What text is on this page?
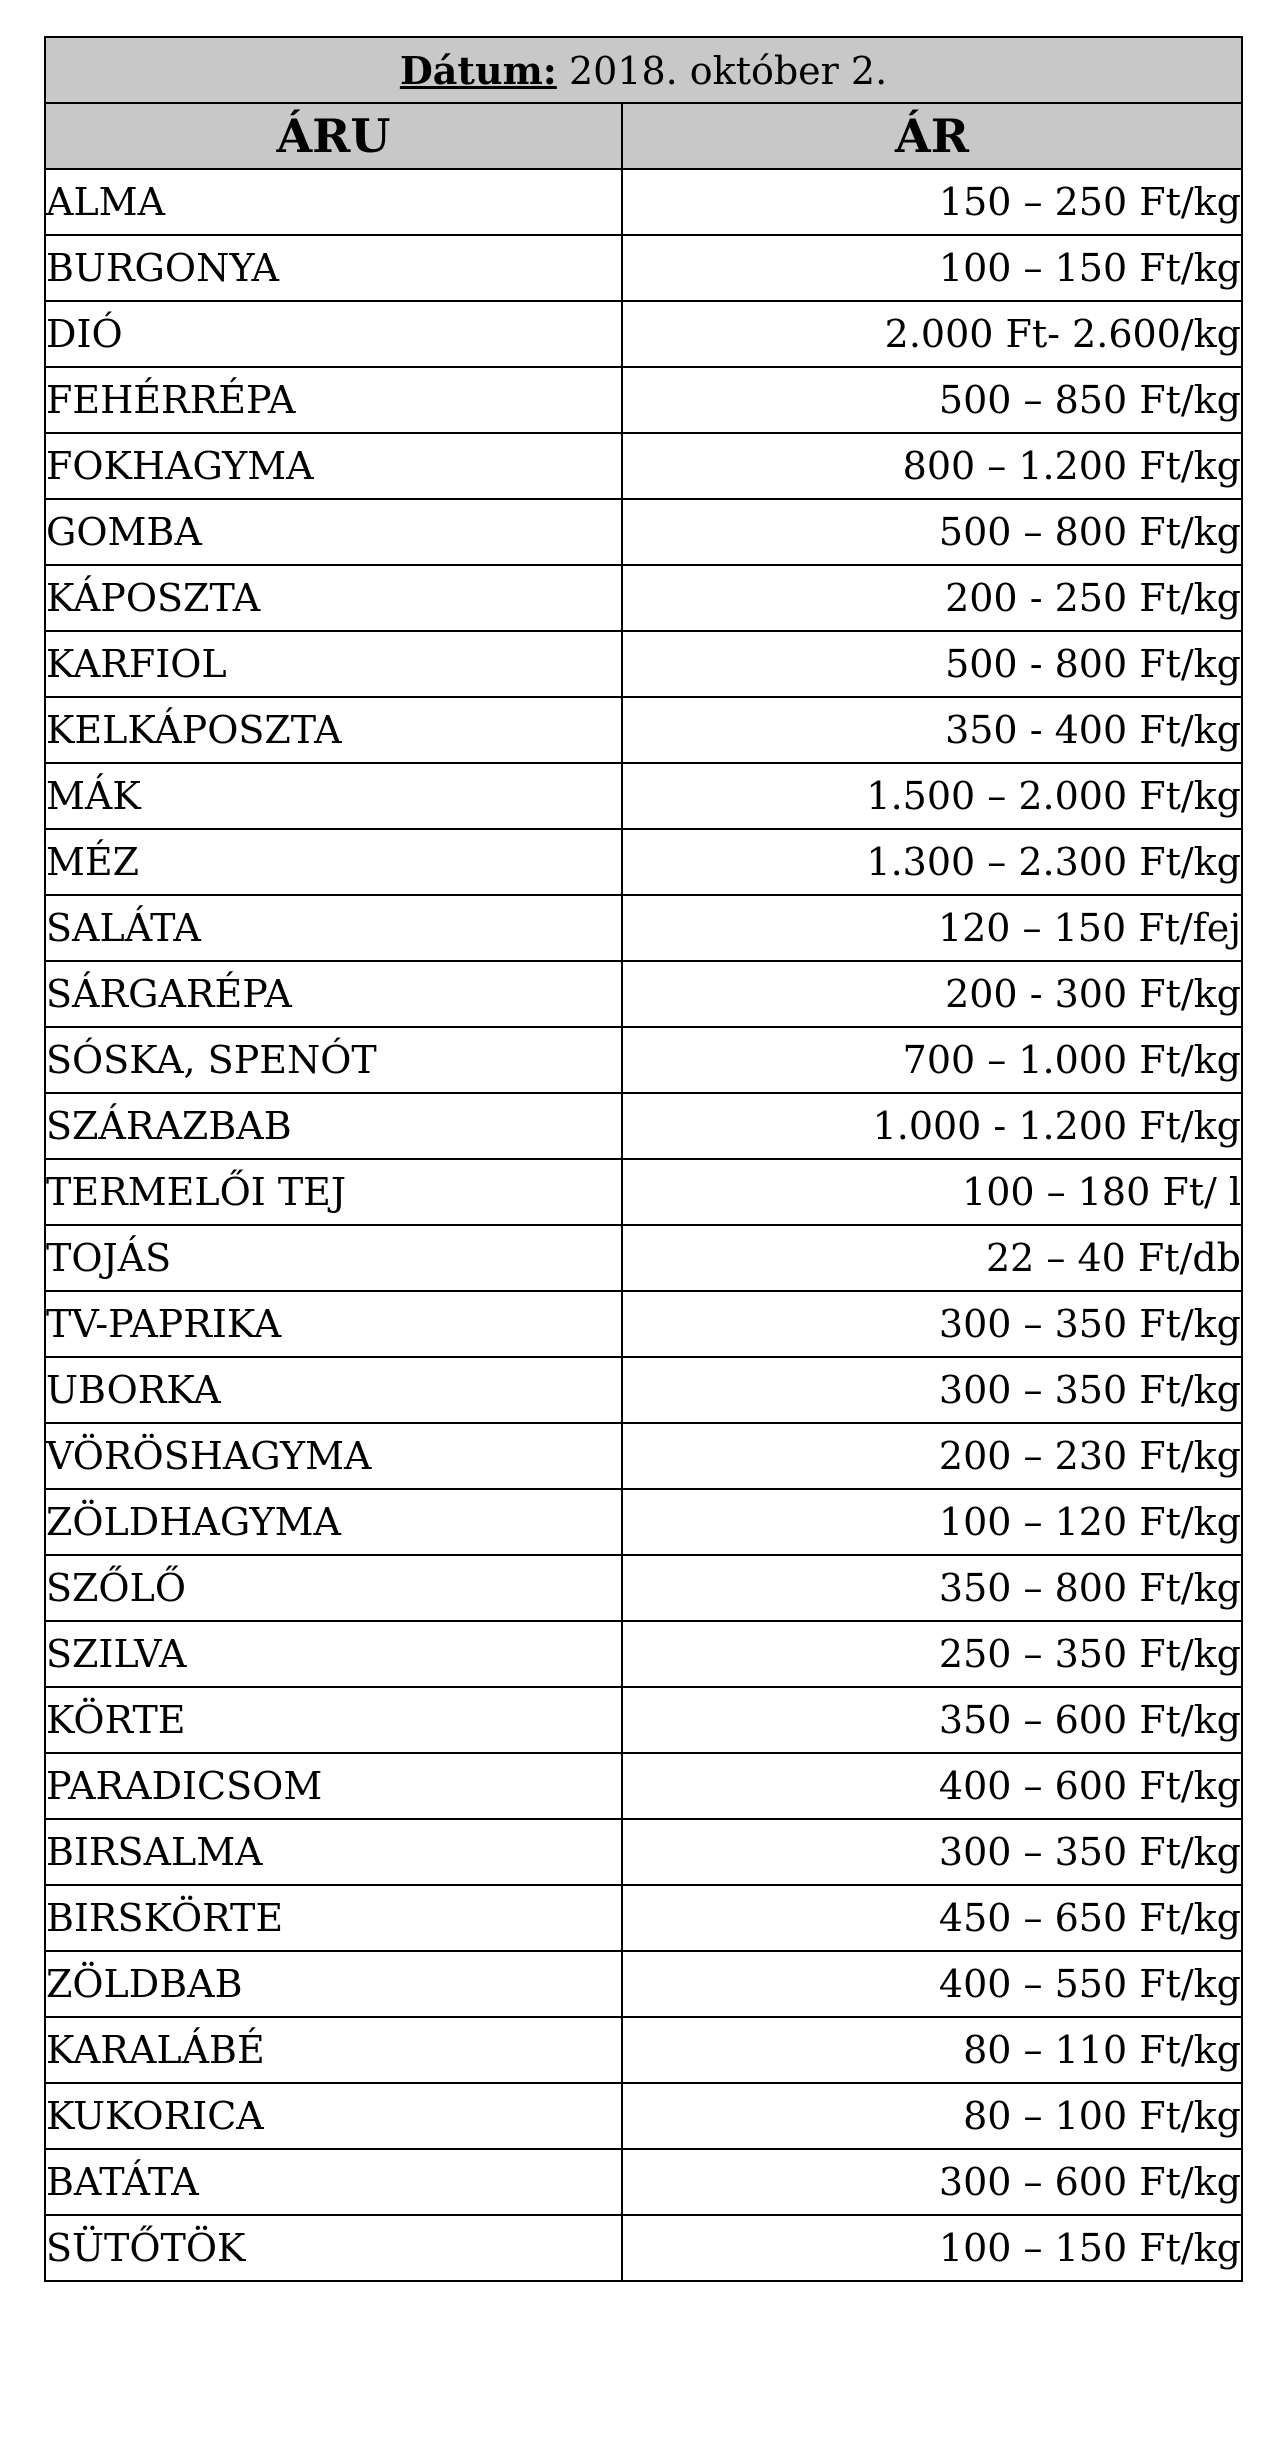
Dátum: 2018. október 2.	
ÁRU	ÁR
ALMA	150 – 250 Ft/kg
BURGONYA	100 – 150 Ft/kg
DIÓ	2.000 Ft- 2.600/kg
FEHÉRRÉPA	500 – 850 Ft/kg
FOKHAGYMA	800 – 1.200 Ft/kg
GOMBA	500 – 800 Ft/kg
KÁPOSZTA	200 - 250 Ft/kg
KARFIOL	500 - 800 Ft/kg
KELKÁPOSZTA	350 - 400 Ft/kg
MÁK	1.500 – 2.000 Ft/kg
MÉZ	1.300 – 2.300 Ft/kg
SALÁTA	120 – 150 Ft/fej
SÁRGARÉPA	200 - 300 Ft/kg
SÓSKA, SPENÓT	700 – 1.000 Ft/kg
SZÁRAZBAB	1.000 - 1.200 Ft/kg
TERMELŐI TEJ	100 – 180 Ft/ l
TOJÁS	22 – 40 Ft/db
TV-PAPRIKA	300 – 350 Ft/kg
UBORKA	300 – 350 Ft/kg
VÖRÖSHAGYMA	200 – 230 Ft/kg
ZÖLDHAGYMA	100 – 120 Ft/kg
SZŐLŐ	350 – 800 Ft/kg
SZILVA	250 – 350 Ft/kg
KÖRTE	350 – 600 Ft/kg
PARADICSOM	400 – 600 Ft/kg
BIRSALMA	300 – 350 Ft/kg
BIRSKÖRTE	450 – 650 Ft/kg
ZÖLDBAB	400 – 550 Ft/kg
KARALÁBÉ	80 – 110 Ft/kg
KUKORICA	80 – 100 Ft/kg
BATÁTA	300 – 600 Ft/kg
SÜTŐTÖK	100 – 150 Ft/kg
